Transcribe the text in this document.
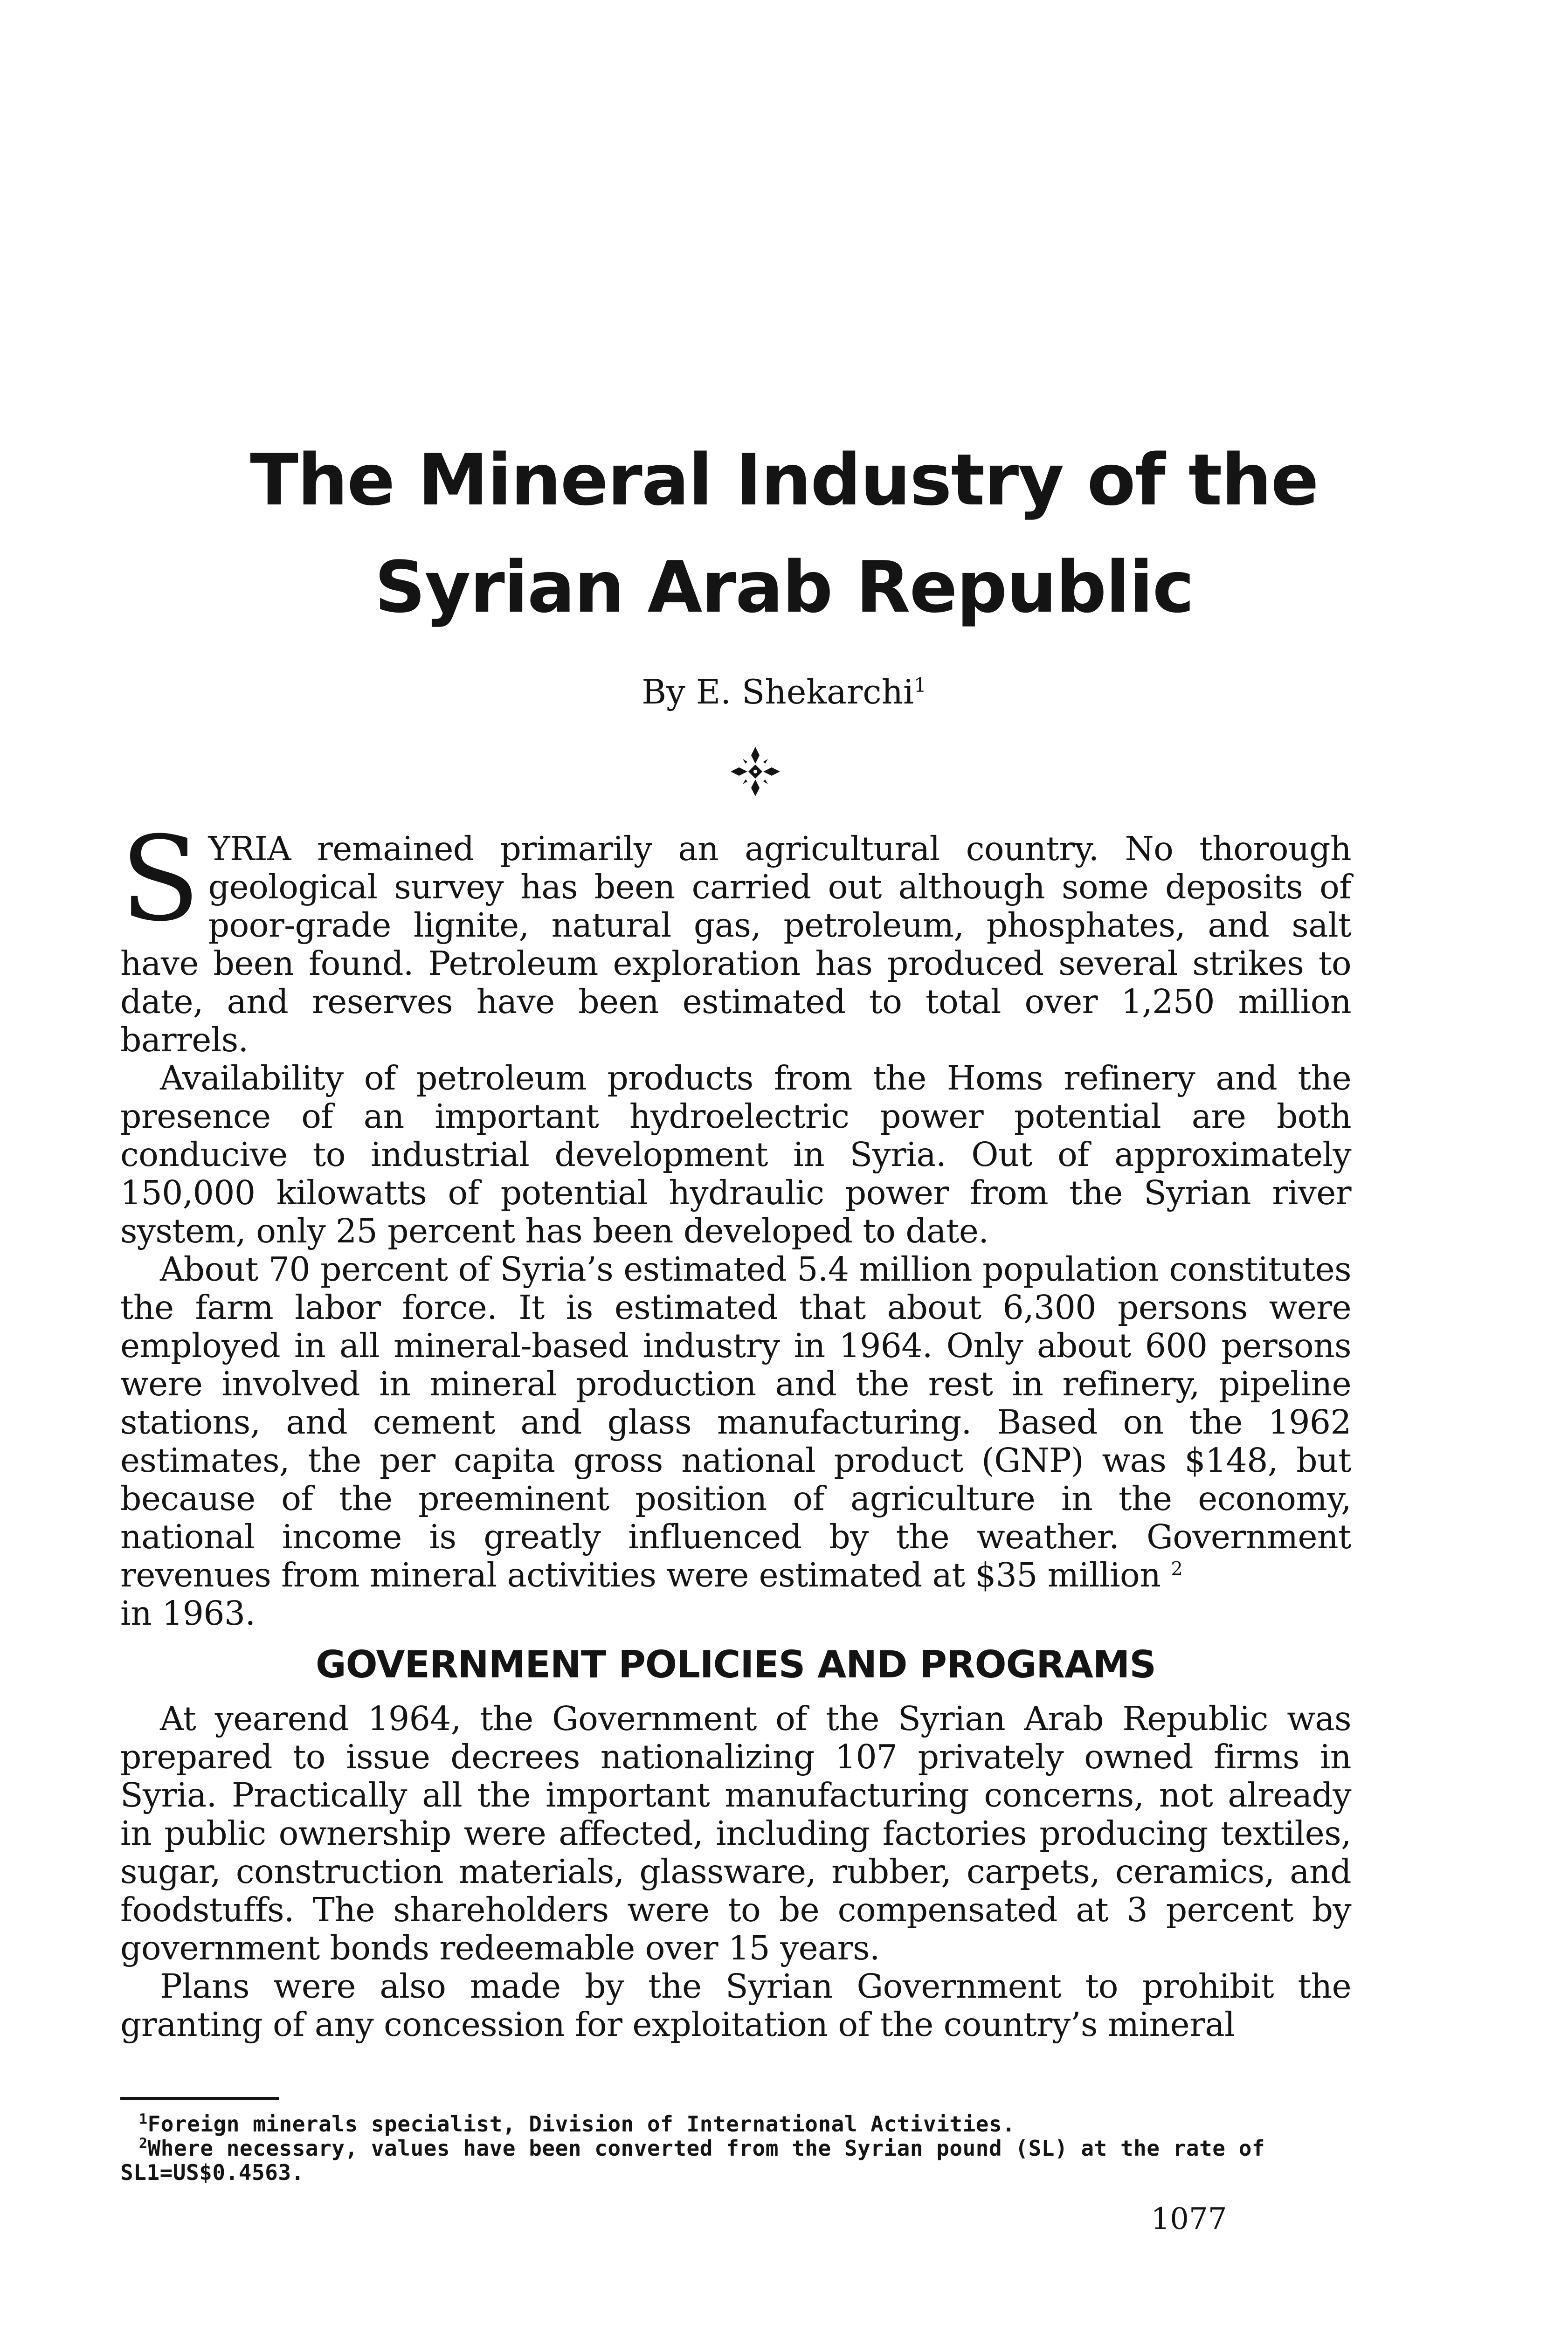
The Mineral Industry of the
Syrian Arab Republic
By E. Shekarchi$^1$

SYRIA remained primarily an agricultural country. No thorough geological survey has been carried out although some deposits of poor-grade lignite, natural gas, petroleum, phosphates, and salt have been found. Petroleum exploration has produced several strikes to date, and reserves have been estimated to total over 1,250 million barrels.

Availability of petroleum products from the Homs refinery and the presence of an important hydroelectric power potential are both conducive to industrial development in Syria. Out of approximately 150,000 kilowatts of potential hydraulic power from the Syrian river system, only 25 percent has been developed to date.

About 70 percent of Syria’s estimated 5.4 million population constitutes the farm labor force. It is estimated that about 6,300 persons were employed in all mineral-based industry in 1964. Only about 600 persons were involved in mineral production and the rest in refinery, pipeline stations, and cement and glass manufacturing. Based on the 1962 estimates, the per capita gross national product (GNP) was $148, but because of the preeminent position of agriculture in the economy, national income is greatly influenced by the weather. Government revenues from mineral activities were estimated at $35 million $^2$
in 1963.

GOVERNMENT POLICIES AND PROGRAMS

At yearend 1964, the Government of the Syrian Arab Republic was prepared to issue decrees nationalizing 107 privately owned firms in Syria. Practically all the important manufacturing concerns, not already in public ownership were affected, including factories producing textiles, sugar, construction materials, glassware, rubber, carpets, ceramics, and foodstuffs. The shareholders were to be compensated at 3 percent by government bonds redeemable over 15 years.

Plans were also made by the Syrian Government to prohibit the granting of any concession for exploitation of the country’s mineral

$^1$Foreign minerals specialist, Division of International Activities.

$^2$Where necessary, values have been converted from the Syrian pound (SL) at the rate of SL1=US$0.4563.

1077
